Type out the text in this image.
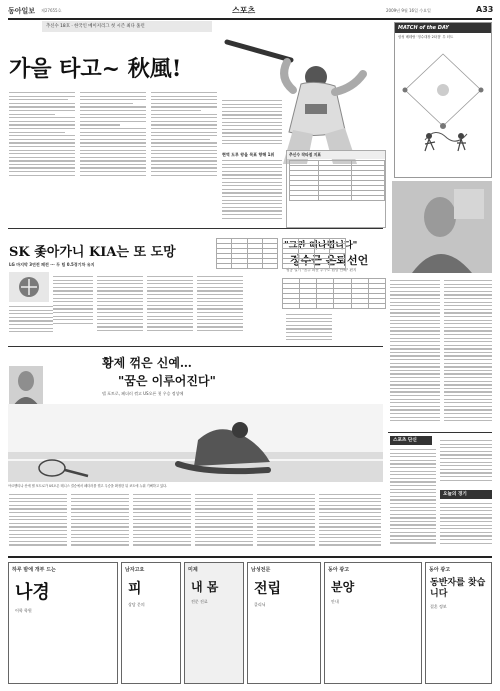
동아일보 제27655호	스포츠	2009년 9월 16일 수요일	A33
추신수 18호 · 한국인 메이저리그 첫 시즌 최다 홈런
가을 타고~ 秋風!
현역 도루 왕을 목표 향해 1위	추신수 작타점 지표

MATCH of the DAY
삼성 베테랑 '정수대장 2타점' 투 터트
"그만 떠나렵니다"
정수근 은퇴선언
성공 밀기 "음주 파문 누구도 원망 안해" 편지
SK 좇아가니 KIA는 또 도망
LG 마지막 3연전 패전 ··· 두 팀 0.5경기차 유지

황제 꺾은 신예…
"꿈은 이루어진다"
델 포트로, 페더러 꺾고 US오픈 첫 우승 정상에
아르헨티나 신예 델 포트로가 US오픈 테니스 결승에서 페더러를 꺾고 우승을 확정한 뒤 코트에 누워 기뻐하고 있다.
스포츠 단신
오늘의 경기
하루 밤에 개부 드는
나경
어학 학원
남자고요
피
상담 문의
미제
내 몸
전문 진료
남성전문
전립
클리닉
동아 광고
분양
안내
동아 광고
동반자를 찾습니다
결혼 정보
